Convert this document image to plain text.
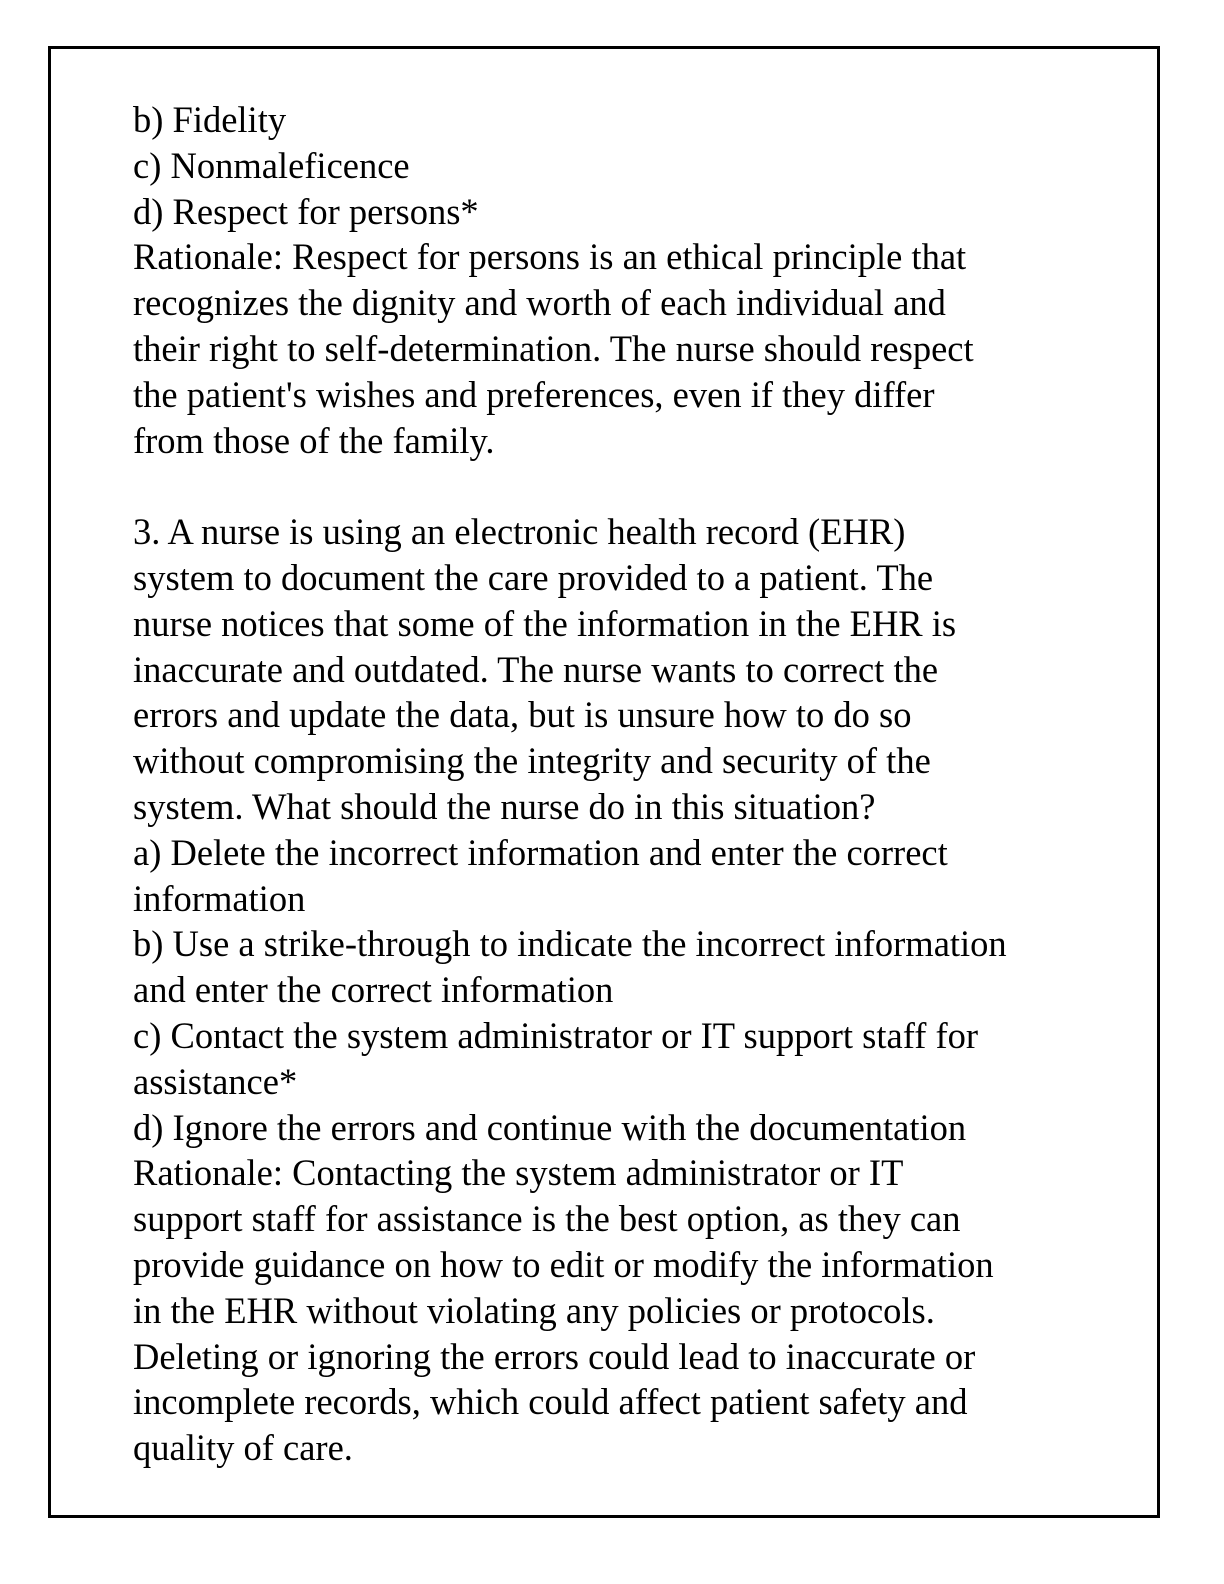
b) Fidelity
c) Nonmaleficence
d) Respect for persons*
Rationale: Respect for persons is an ethical principle that
recognizes the dignity and worth of each individual and
their right to self-determination. The nurse should respect
the patient's wishes and preferences, even if they differ
from those of the family.
3. A nurse is using an electronic health record (EHR)
system to document the care provided to a patient. The
nurse notices that some of the information in the EHR is
inaccurate and outdated. The nurse wants to correct the
errors and update the data, but is unsure how to do so
without compromising the integrity and security of the
system. What should the nurse do in this situation?
a) Delete the incorrect information and enter the correct
information
b) Use a strike-through to indicate the incorrect information
and enter the correct information
c) Contact the system administrator or IT support staff for
assistance*
d) Ignore the errors and continue with the documentation
Rationale: Contacting the system administrator or IT
support staff for assistance is the best option, as they can
provide guidance on how to edit or modify the information
in the EHR without violating any policies or protocols.
Deleting or ignoring the errors could lead to inaccurate or
incomplete records, which could affect patient safety and
quality of care.
